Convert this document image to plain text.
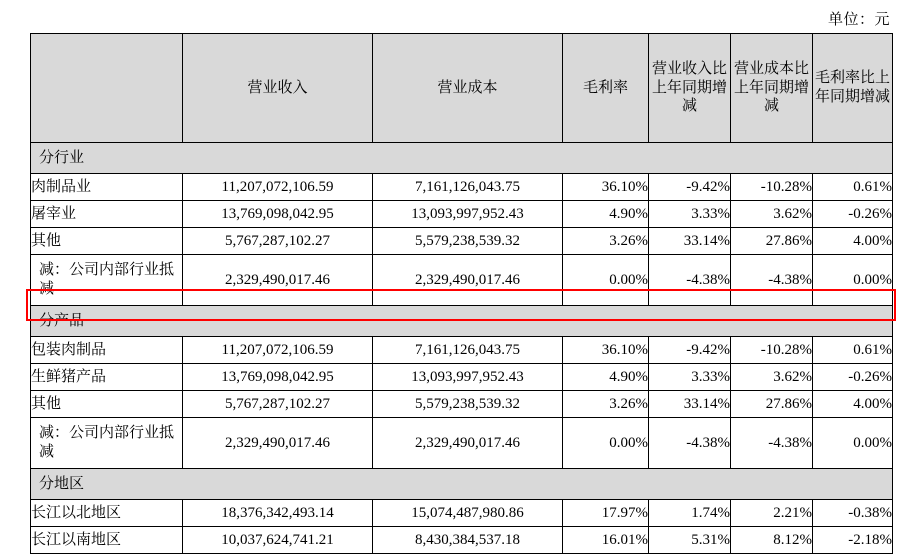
单位：元
	营业收入	营业成本	毛利率	营业收入比上年同期增减	营业成本比上年同期增减	毛利率比上年同期增减
分行业						
肉制品业	11,207,072,106.59	7,161,126,043.75	36.10%	-9.42%	-10.28%	0.61%
屠宰业	13,769,098,042.95	13,093,997,952.43	4.90%	3.33%	3.62%	-0.26%
其他	5,767,287,102.27	5,579,238,539.32	3.26%	33.14%	27.86%	4.00%
减：公司内部行业抵减	2,329,490,017.46	2,329,490,017.46	0.00%	-4.38%	-4.38%	0.00%
分产品						
包装肉制品	11,207,072,106.59	7,161,126,043.75	36.10%	-9.42%	-10.28%	0.61%
生鲜猪产品	13,769,098,042.95	13,093,997,952.43	4.90%	3.33%	3.62%	-0.26%
其他	5,767,287,102.27	5,579,238,539.32	3.26%	33.14%	27.86%	4.00%
减：公司内部行业抵减	2,329,490,017.46	2,329,490,017.46	0.00%	-4.38%	-4.38%	0.00%
分地区						
长江以北地区	18,376,342,493.14	15,074,487,980.86	17.97%	1.74%	2.21%	-0.38%
长江以南地区	10,037,624,741.21	8,430,384,537.18	16.01%	5.31%	8.12%	-2.18%
